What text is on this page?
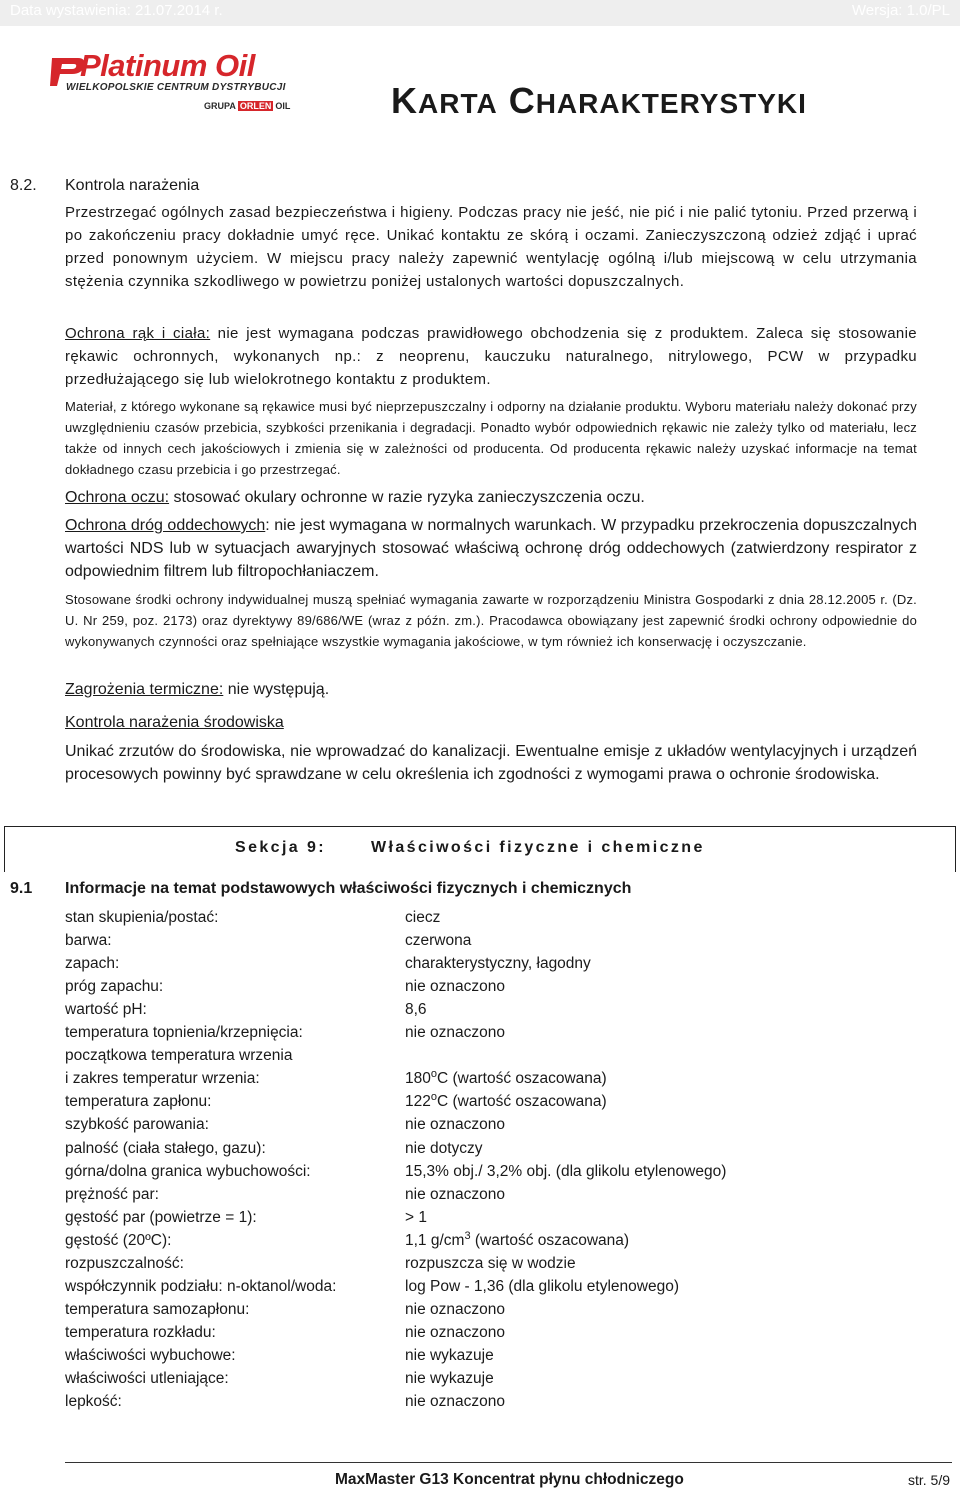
Data wystawienia: 21.07.2014 r.	Wersja: 1.0/PL
Platinum Oil
WIELKOPOLSKIE CENTRUM DYSTRYBUCJI
GRUPA ORLEN OIL	KARTA CHARAKTERYSTYKI
8.2. Kontrola narażenia

Przestrzegać ogólnych zasad bezpieczeństwa i higieny. Podczas pracy nie jeść, nie pić i nie palić tytoniu. Przed przerwą i po zakończeniu pracy dokładnie umyć ręce. Unikać kontaktu ze skórą i oczami. Zanieczyszczoną odzież zdjąć i uprać przed ponownym użyciem. W miejscu pracy należy zapewnić wentylację ogólną i/lub miejscową w celu utrzymania stężenia czynnika szkodliwego w powietrzu poniżej ustalonych wartości dopuszczalnych.

Ochrona rąk i ciała: nie jest wymagana podczas prawidłowego obchodzenia się z produktem. Zaleca się stosowanie rękawic ochronnych, wykonanych np.: z neoprenu, kauczuku naturalnego, nitrylowego, PCW w przypadku przedłużającego się lub wielokrotnego kontaktu z produktem.

Materiał, z którego wykonane są rękawice musi być nieprzepuszczalny i odporny na działanie produktu. Wyboru materiału należy dokonać przy uwzględnieniu czasów przebicia, szybkości przenikania i degradacji. Ponadto wybór odpowiednich rękawic nie zależy tylko od materiału, lecz także od innych cech jakościowych i zmienia się w zależności od producenta. Od producenta rękawic należy uzyskać informacje na temat dokładnego czasu przebicia i go przestrzegać.

Ochrona oczu: stosować okulary ochronne w razie ryzyka zanieczyszczenia oczu.

Ochrona dróg oddechowych: nie jest wymagana w normalnych warunkach. W przypadku przekroczenia dopuszczalnych wartości NDS lub w sytuacjach awaryjnych stosować właściwą ochronę dróg oddechowych (zatwierdzony respirator z odpowiednim filtrem lub filtropochłaniaczem.

Stosowane środki ochrony indywidualnej muszą spełniać wymagania zawarte w rozporządzeniu Ministra Gospodarki z dnia 28.12.2005 r. (Dz. U. Nr 259, poz. 2173) oraz dyrektywy 89/686/WE (wraz z późn. zm.). Pracodawca obowiązany jest zapewnić środki ochrony odpowiednie do wykonywanych czynności oraz spełniające wszystkie wymagania jakościowe, w tym również ich konserwację i oczyszczanie.

Zagrożenia termiczne: nie występują.

Kontrola narażenia środowiska

Unikać zrzutów do środowiska, nie wprowadzać do kanalizacji. Ewentualne emisje z układów wentylacyjnych i urządzeń procesowych powinny być sprawdzane w celu określenia ich zgodności z wymogami prawa o ochronie środowiska.

Sekcja 9:	Właściwości fizyczne i chemiczne
9.1 Informacje na temat podstawowych właściwości fizycznych i chemicznych
stan skupienia/postać:	ciecz
barwa:	czerwona
zapach:	charakterystyczny, łagodny
próg zapachu:	nie oznaczono
wartość pH:	8,6
temperatura topnienia/krzepnięcia:	nie oznaczono
początkowa temperatura wrzenia
i zakres temperatur wrzenia:	180$^o$C (wartość oszacowana)
temperatura zapłonu:	122$^o$C (wartość oszacowana)
szybkość parowania:	nie oznaczono
palność (ciała stałego, gazu):	nie dotyczy
górna/dolna granica wybuchowości:	15,3% obj./ 3,2% obj. (dla glikolu etylenowego)
prężność par:	nie oznaczono
gęstość par (powietrze = 1):	> 1
gęstość (20ºC):	1,1 $g/cm^3$ (wartość oszacowana)
rozpuszczalność:	rozpuszcza się w wodzie
współczynnik podziału: n-oktanol/woda:	log Pow - 1,36 (dla glikolu etylenowego)
temperatura samozapłonu:	nie oznaczono
temperatura rozkładu:	nie oznaczono
właściwości wybuchowe:	nie wykazuje
właściwości utleniające:	nie wykazuje
lepkość:	nie oznaczono
MaxMaster G13 Koncentrat płynu chłodniczego	str. 5/9
